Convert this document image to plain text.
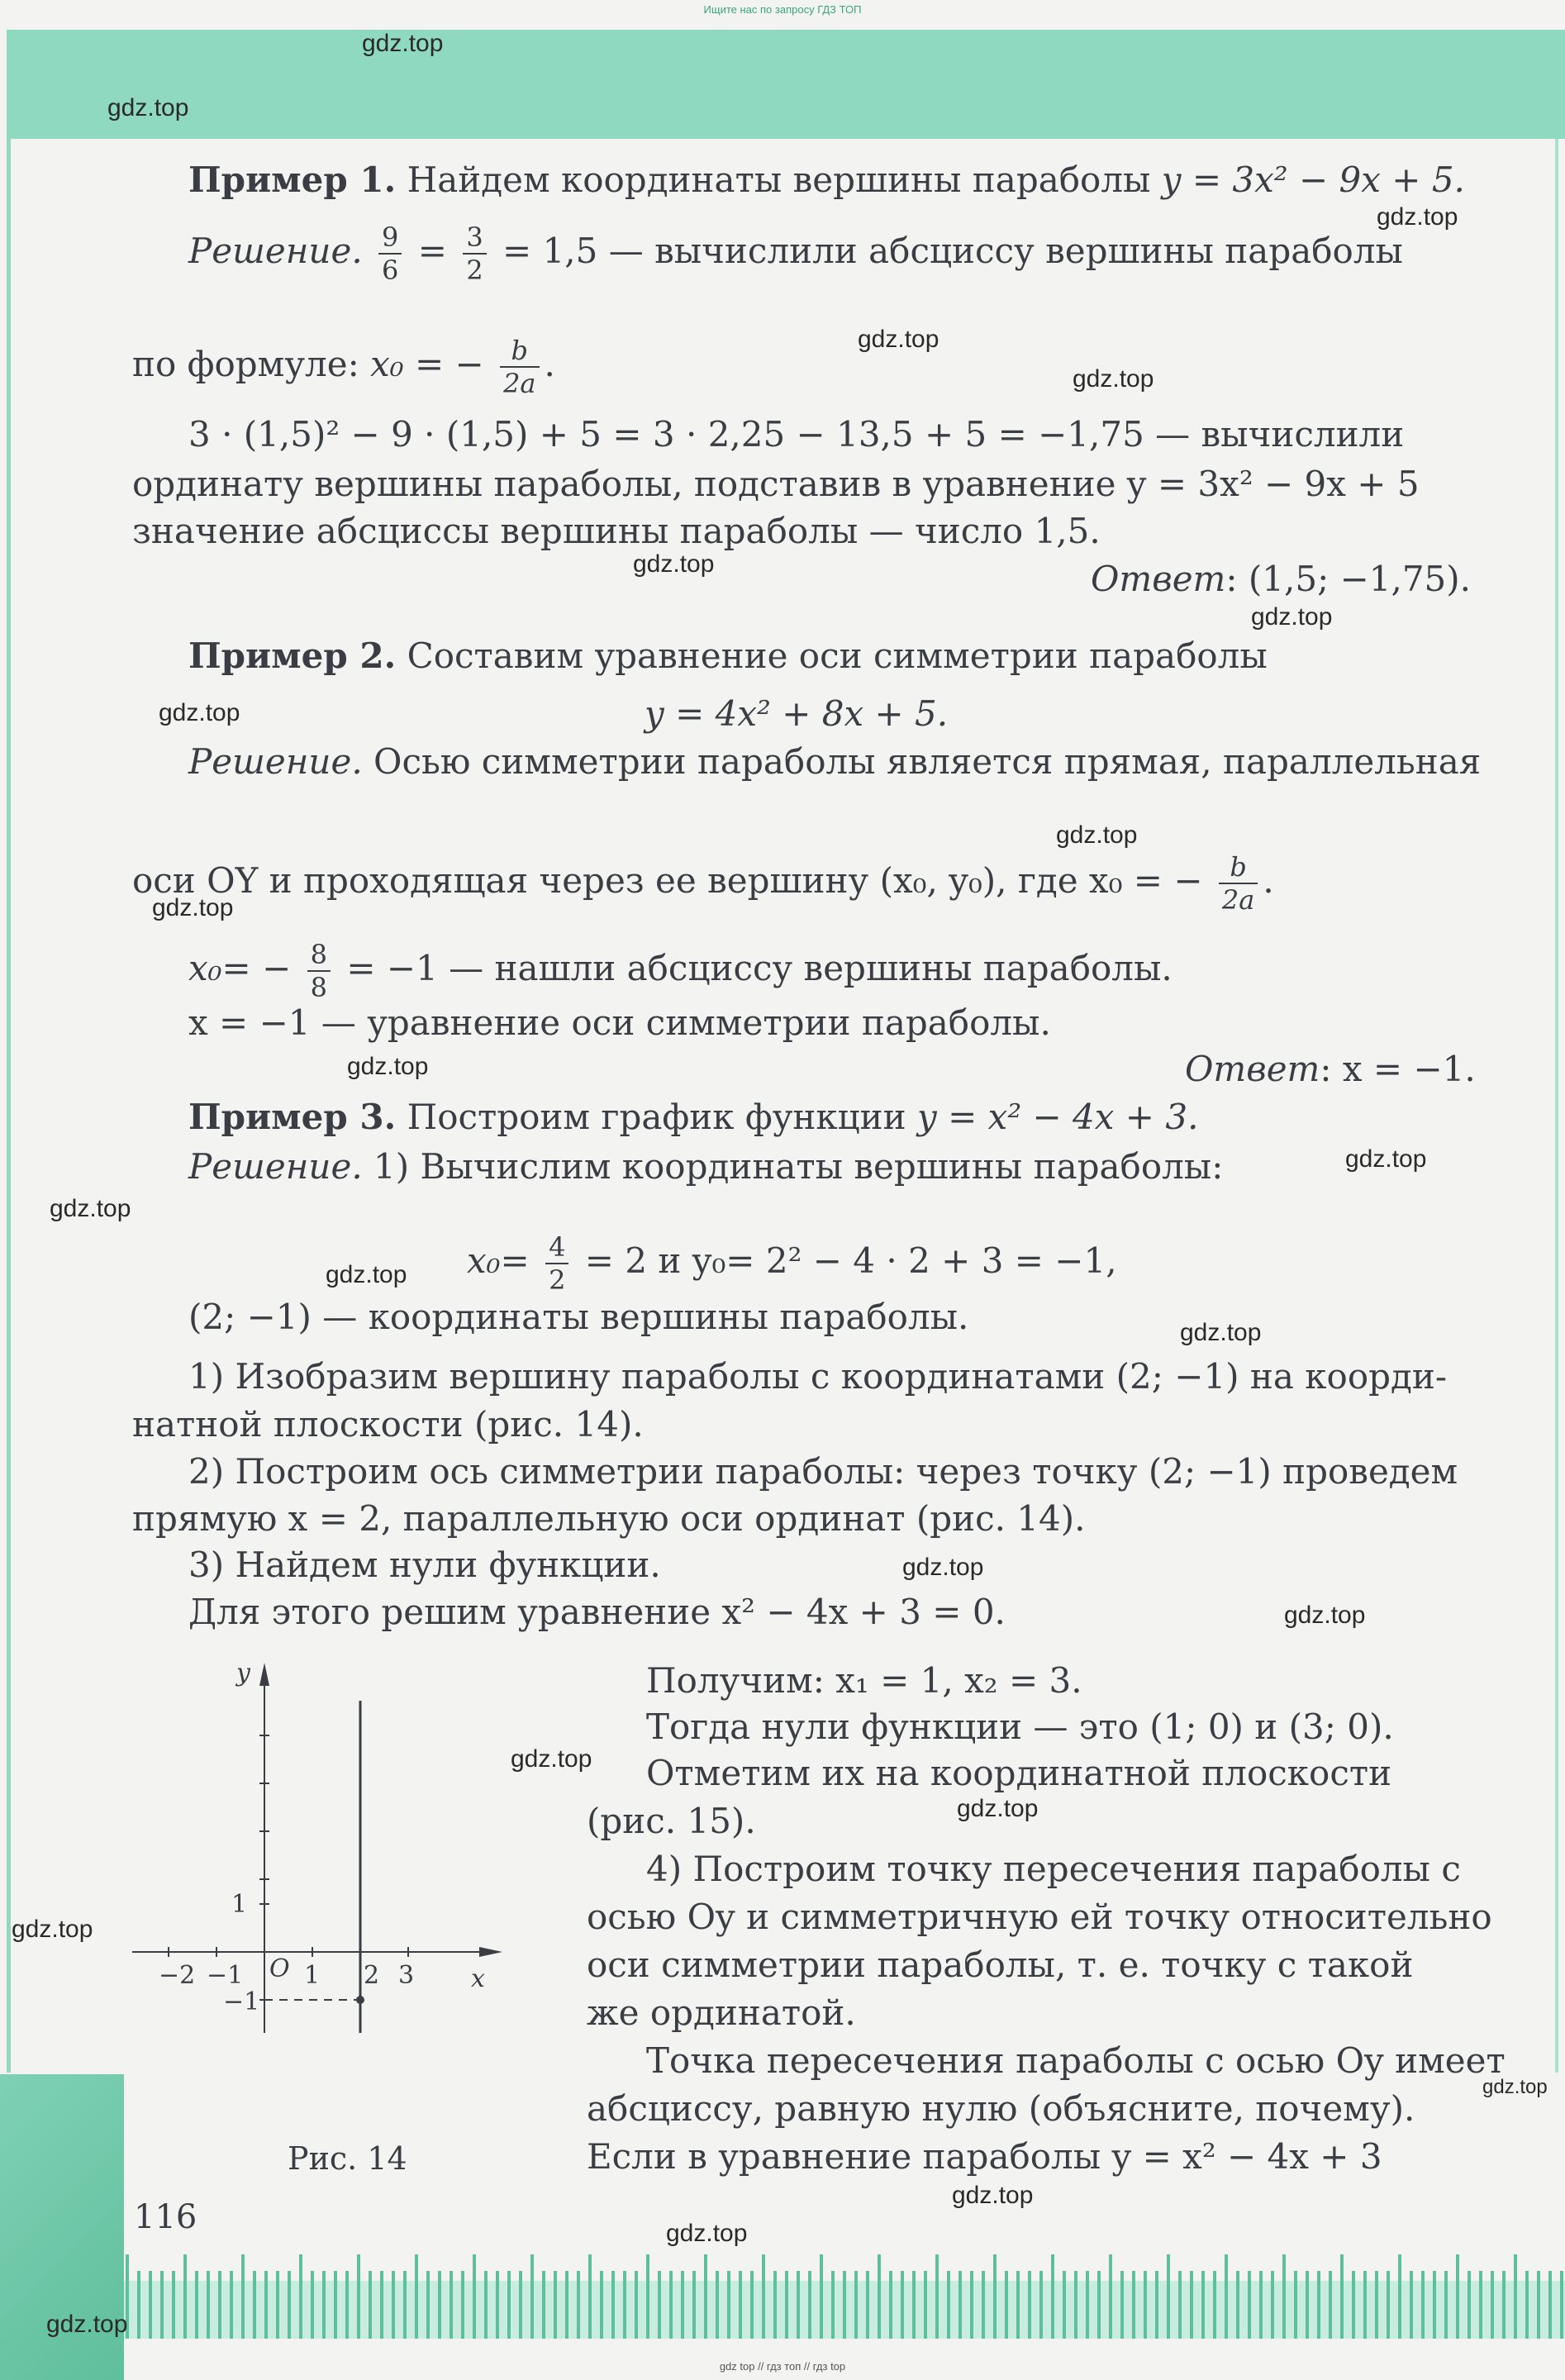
Ищите нас по запросу ГДЗ ТОП
Пример 1. Найдем координаты вершины параболы y = 3x² − 9x + 5.
Решение. $\frac{9}{6} = \frac{3}{2} = 1,5$ — вычислили абсциссу вершины параболы
по формуле: x₀ = − $\frac{b}{2a}$ .
3 · (1,5)² − 9 · (1,5) + 5 = 3 · 2,25 − 13,5 + 5 = −1,75 — вычислили
ординату вершины параболы, подставив в уравнение y = 3x² − 9x + 5
значение абсциссы вершины параболы — число 1,5.
Ответ: (1,5; −1,75).
Пример 2. Составим уравнение оси симметрии параболы
y = 4x² + 8x + 5.
Решение. Осью симметрии параболы является прямая, параллельная
оси OY и проходящая через ее вершину (x₀, y₀), где x₀ = − $\frac{b}{2a}$ .
$x_0= - \frac{8}{8} = -1$ — нашли абсциссу вершины параболы.
x = −1 — уравнение оси симметрии параболы.
Ответ: x = −1.
Пример 3. Построим график функции y = x² − 4x + 3.
Решение. 1) Вычислим координаты вершины параболы:
$x_0= \frac{4}{2} = 2$ и y₀= 2² − 4 · 2 + 3 = −1,
(2; −1) — координаты вершины параболы.
1) Изобразим вершину параболы с координатами (2; −1) на коорди-
натной плоскости (рис. 14).
2) Построим ось симметрии параболы: через точку (2; −1) проведем
прямую x = 2, параллельную оси ординат (рис. 14).
3) Найдем нули функции.
Для этого решим уравнение x² − 4x + 3 = 0.
Получим: x₁ = 1, x₂ = 3.
Тогда нули функции — это (1; 0) и (3; 0).
Отметим их на координатной плоскости
(рис. 15).
4) Построим точку пересечения параболы с
осью Oy и симметричную ей точку относительно
оси симметрии параболы, т. е. точку с такой
же ординатой.
Точка пересечения параболы с осью Oy имеет
абсциссу, равную нулю (объясните, почему).
Если в уравнение параболы y = x² − 4x + 3
y
x
O
1
−1
−2 −1 1 2 3
Рис. 14
116
gdz.top
gdz.top
gdz.top
gdz.top
gdz.top
gdz.top
gdz.top
gdz.top
gdz.top
gdz.top
gdz.top
gdz.top
gdz.top
gdz.top
gdz.top
gdz.top
gdz.top
gdz.top
gdz.top
gdz.top
gdz.top
gdz.top
gdz.top
gdz.top
gdz top // гдз топ // гдз top
